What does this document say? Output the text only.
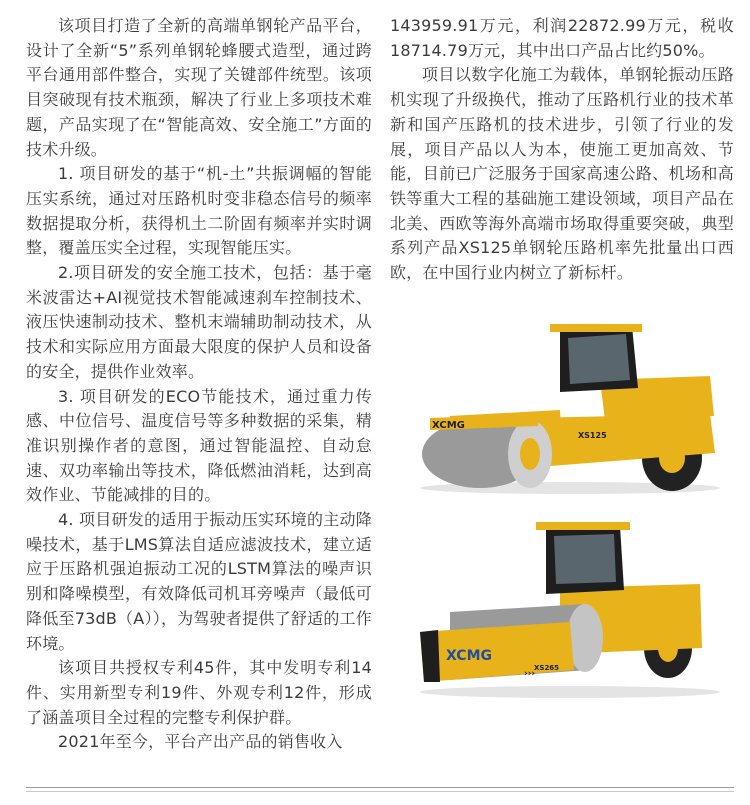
该项目打造了全新的高端单钢轮产品平台，设计了全新“5”系列单钢轮蜂腰式造型，通过跨平台通用部件整合，实现了关键部件统型。该项目突破现有技术瓶颈，解决了行业上多项技术难题，产品实现了在“智能高效、安全施工”方面的技术升级。

1. 项目研发的基于“机-土”共振调幅的智能压实系统，通过对压路机时变非稳态信号的频率数据提取分析，获得机土二阶固有频率并实时调整，覆盖压实全过程，实现智能压实。

2.项目研发的安全施工技术，包括：基于毫米波雷达+AI视觉技术智能减速刹车控制技术、液压快速制动技术、整机末端辅助制动技术，从技术和实际应用方面最大限度的保护人员和设备的安全，提供作业效率。

3. 项目研发的ECO节能技术，通过重力传感、中位信号、温度信号等多种数据的采集，精准识别操作者的意图，通过智能温控、自动怠速、双功率输出等技术，降低燃油消耗，达到高效作业、节能减排的目的。

4. 项目研发的适用于振动压实环境的主动降噪技术，基于LMS算法自适应滤波技术，建立适应于压路机强迫振动工况的LSTM算法的噪声识别和降噪模型，有效降低司机耳旁噪声（最低可降低至73dB（A）），为驾驶者提供了舒适的工作环境。

该项目共授权专利45件，其中发明专利14件、实用新型专利19件、外观专利12件，形成了涵盖项目全过程的完整专利保护群。

2021年至今，平台产出产品的销售收入

143959.91万元，利润22872.99万元，税收18714.79万元，其中出口产品占比约50%。

项目以数字化施工为载体，单钢轮振动压路机实现了升级换代，推动了压路机行业的技术革新和国产压路机的技术进步，引领了行业的发展，项目产品以人为本，使施工更加高效、节能，目前已广泛服务于国家高速公路、机场和高铁等重大工程的基础施工建设领域，项目产品在北美、西欧等海外高端市场取得重要突破，典型系列产品XS125单钢轮压路机率先批量出口西欧，在中国行业内树立了新标杆。

XCMG
XS125
XCMG
XS265
›››
